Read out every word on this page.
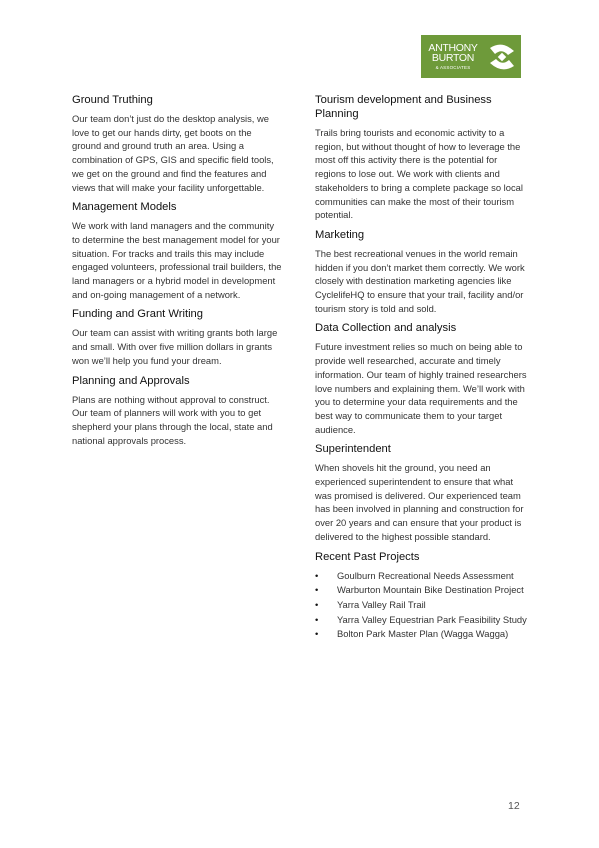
ANTHONY BURTON
& ASSOCIATES
Ground Truthing

Our team don’t just do the desktop analysis, we love to get our hands dirty, get boots on the ground and ground truth an area. Using a combination of GPS, GIS and specific field tools, we get on the ground and find the features and views that will make your facility unforgettable.

Management Models

We work with land managers and the community to determine the best management model for your situation. For tracks and trails this may include engaged volunteers, professional trail builders, the land managers or a hybrid model in development and on-going management of a network.

Funding and Grant Writing

Our team can assist with writing grants both large and small. With over five million dollars in grants won we’ll help you fund your dream.

Planning and Approvals

Plans are nothing without approval to construct. Our team of planners will work with you to get shepherd your plans through the local, state and national approvals process.

Tourism development and Business Planning

Trails bring tourists and economic activity to a region, but without thought of how to leverage the most off this activity there is the potential for regions to lose out. We work with clients and stakeholders to bring a complete package so local communities can make the most of their tourism potential.

Marketing

The best recreational venues in the world remain hidden if you don’t market them correctly. We work closely with destination marketing agencies like CyclelifeHQ to ensure that your trail, facility and/or tourism story is told and sold.

Data Collection and analysis

Future investment relies so much on being able to provide well researched, accurate and timely information. Our team of highly trained researchers love numbers and explaining them. We’ll work with you to determine your data requirements and the best way to communicate them to your target audience.

Superintendent

When shovels hit the ground, you need an experienced superintendent to ensure that what was promised is delivered. Our experienced team has been involved in planning and construction for over 20 years and can ensure that your product is delivered to the highest possible standard.

Recent Past Projects
• Goulburn Recreational Needs Assessment
• Warburton Mountain Bike Destination Project
• Yarra Valley Rail Trail
• Yarra Valley Equestrian Park Feasibility Study
• Bolton Park Master Plan (Wagga Wagga)
12
